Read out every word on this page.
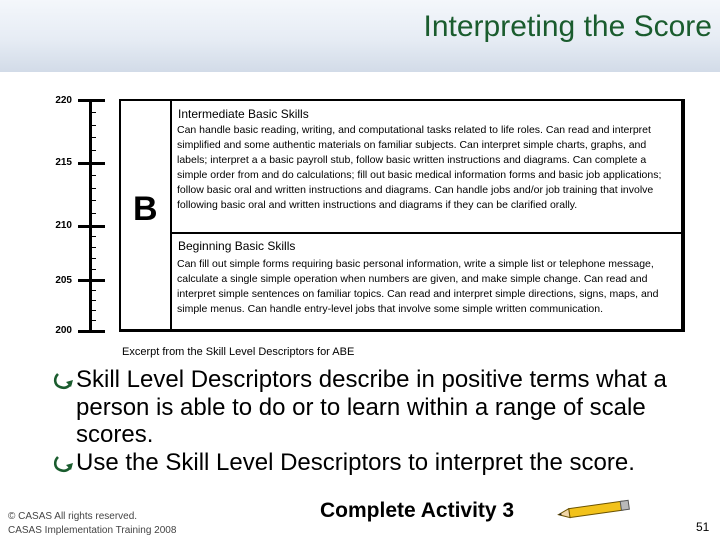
Interpreting the Score
220
215
210
205
200
B
Intermediate Basic Skills
Can handle basic reading, writing, and computational tasks related to life roles. Can read and interpret simplified and some authentic materials on familiar subjects. Can interpret simple charts, graphs, and labels; interpret a a basic payroll stub, follow basic written instructions and diagrams. Can complete a simple order from and do calculations; fill out basic medical information forms and basic job applications; follow basic oral and written instructions and diagrams. Can handle jobs and/or job training that involve following basic oral and written instructions and diagrams if they can be clarified orally.
Beginning Basic Skills
Can fill out simple forms requiring basic personal information, write a simple list or telephone message, calculate a single simple operation when numbers are given, and make simple change. Can read and interpret simple sentences on familiar topics. Can read and interpret simple directions, signs, maps, and simple menus. Can handle entry-level jobs that involve some simple written communication.
Excerpt from the Skill Level Descriptors for ABE
Skill Level Descriptors describe in positive terms what a person is able to do or to learn within a range of scale scores.
Use the Skill Level Descriptors to interpret the score.
© CASAS All rights reserved.
CASAS Implementation Training 2008
Complete Activity 3
51
